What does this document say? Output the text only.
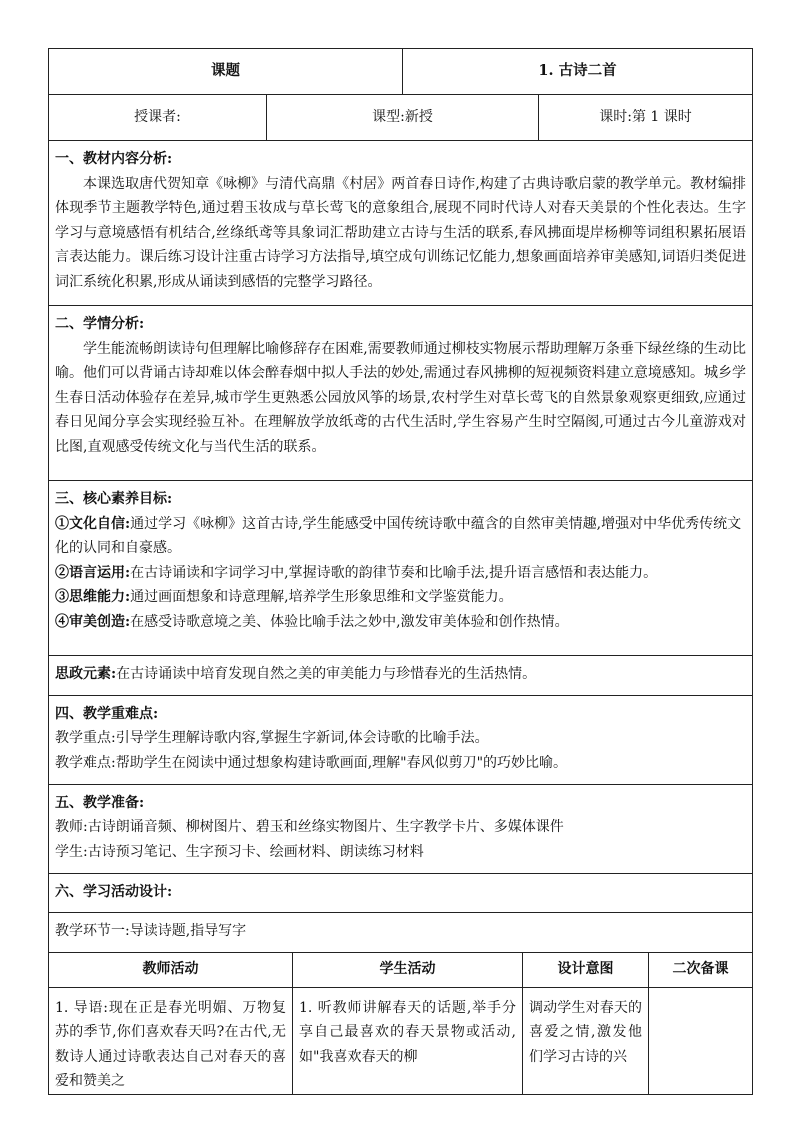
课题		1. 古诗二首	
授课者:	课型:新授		课时:第 1 课时

一、教材内容分析:

本课选取唐代贺知章《咏柳》与清代高鼎《村居》两首春日诗作,构建了古典诗歌启蒙的教学单元。教材编排体现季节主题教学特色,通过碧玉妆成与草长莺飞的意象组合,展现不同时代诗人对春天美景的个性化表达。生字学习与意境感悟有机结合,丝绦纸鸢等具象词汇帮助建立古诗与生活的联系,春风拂面堤岸杨柳等词组积累拓展语言表达能力。课后练习设计注重古诗学习方法指导,填空成句训练记忆能力,想象画面培养审美感知,词语归类促进词汇系统化积累,形成从诵读到感悟的完整学习路径。			

二、学情分析:

学生能流畅朗读诗句但理解比喻修辞存在困难,需要教师通过柳枝实物展示帮助理解万条垂下绿丝绦的生动比喻。他们可以背诵古诗却难以体会醉春烟中拟人手法的妙处,需通过春风拂柳的短视频资料建立意境感知。城乡学生春日活动体验存在差异,城市学生更熟悉公园放风筝的场景,农村学生对草长莺飞的自然景象观察更细致,应通过春日见闻分享会实现经验互补。在理解放学放纸鸢的古代生活时,学生容易产生时空隔阂,可通过古今儿童游戏对比图,直观感受传统文化与当代生活的联系。			

三、核心素养目标:
①文化自信:通过学习《咏柳》这首古诗,学生能感受中国传统诗歌中蕴含的自然审美情趣,增强对中华优秀传统文化的认同和自豪感。
②语言运用:在古诗诵读和字词学习中,掌握诗歌的韵律节奏和比喻手法,提升语言感悟和表达能力。
③思维能力:通过画面想象和诗意理解,培养学生形象思维和文学鉴赏能力。
④审美创造:在感受诗歌意境之美、体验比喻手法之妙中,激发审美体验和创作热情。			

思政元素:在古诗诵读中培育发现自然之美的审美能力与珍惜春光的生活热情。			

四、教学重难点:
教学重点:引导学生理解诗歌内容,掌握生字新词,体会诗歌的比喻手法。
教学难点:帮助学生在阅读中通过想象构建诗歌画面,理解"春风似剪刀"的巧妙比喻。			

五、教学准备:
教师:古诗朗诵音频、柳树图片、碧玉和丝绦实物图片、生字教学卡片、多媒体课件
学生:古诗预习笔记、生字预习卡、绘画材料、朗读练习材料			

六、学习活动设计:			

教学环节一:导读诗题,指导写字			
教师活动	学生活动	设计意图	二次备课
1. 导语:现在正是春光明媚、万物复苏的季节,你们喜欢春天吗?在古代,无数诗人通过诗歌表达自己对春天的喜爱和赞美之	1. 听教师讲解春天的话题,举手分享自己最喜欢的春天景物或活动,如"我喜欢春天的柳	调动学生对春天的喜爱之情,激发他们学习古诗的兴	
